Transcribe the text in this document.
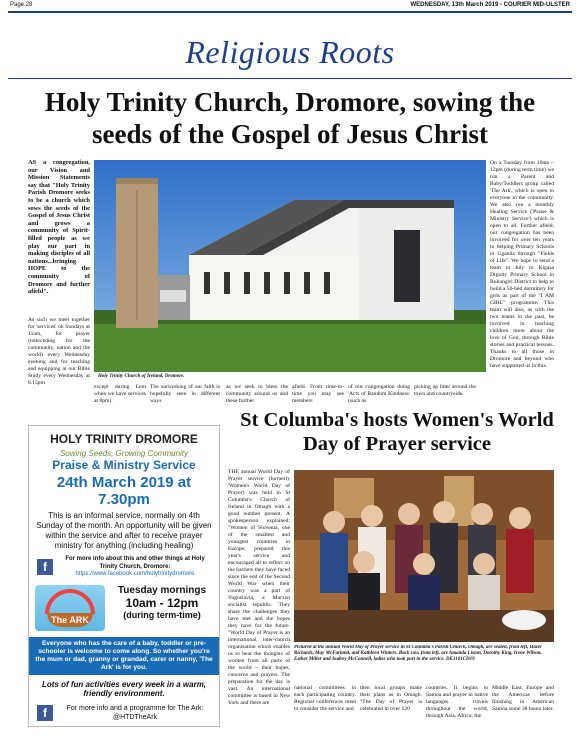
Page 28	WEDNESDAY, 13th March 2019 - COURIER MID-ULSTER
Religious Roots
Holy Trinity Church, Dromore, sowing the seeds of the Gospel of Jesus Christ
AS a congregation, our Vision and Mission Statements say that "Holy Trinity Parish Dromore seeks to be a church which sows the seeds of the Gospel of Jesus Christ and grows a community of Spirit-filled people as we play our part in making disciples of all nations...bringing HOPE to the community of Dromore and further afield".
As such we meet together for 'services' on Sundays at 11am, for prayer (interceding for the community, nation and the world) every Wednesday evening and for teaching and equipping at our Bible Study every Wednesday at 8.15pm
Holy Trinity Church of Ireland, Dromore.
except during Lent when we have services at 8pm).
The outworking of our faith is hopefully seen in different ways
as we seek to bless the community around us and these further
afield. From time-to-time you may see members
of our congregation doing 'Acts of Random Kindness' (such as
picking up litter around the town and countryside.
On a Tuesday from 10am – 12pm (during term time) we run a Parent and Baby/Toddlers group called 'The Ark', which is open to everyone in the community. We also run a monthly Healing Service ('Praise & Ministry Service') which is open to all. Further afield, our congregation has been involved for over ten years in helping Primary Schools in Uganda through "Fields of Life". We hope to send a team in July to Kigasa Dignity Primary School in Rukungiri District to help to build a 50-bed dormitory for girls as part of the "I AM GIRL" programme. This team will also, as with the two teams in the past, be involved in teaching children more about the love of God, through Bible stories and practical lessons. Thanks to all those in Dromore and beyond who have supported us in this.
HOLY TRINITY DROMORE
Sowing Seeds, Growing Community
Praise & Ministry Service
24th March 2019 at 7.30pm
This is an informal service, normally on 4th Sunday of the month. An opportunity will be given within the service and after to receive prayer ministry for anything (including healing)
f
For more info about this and other things at Holy Trinity Church, Dromore:
https://www.facebook.com/holytrinitydromore
The ARK
Tuesday mornings
10am - 12pm
(during term-time)
Everyone who has the care of a baby, toddler or pre-schooler is welcome to come along. So whether you're the mum or dad, granny or grandad, carer or nanny, 'The Ark' is for you.
Lots of fun activities every week in a warm, friendly environment.
f	For more info and a programme for The Ark: @HTDTheArk
St Columba's hosts Women's World Day of Prayer service
THE annual World Day of Prayer service (formerly 'Women's World Day of Prayer) was held in St Columba's Church of Ireland in Omagh with a good number present. A spokesperson explained: "Women of Slovenia, one of the smallest and youngest countries in Europe, prepared this year's service and encouraged all to reflect on the barriers they have faced since the end of the Second World War when their country was a part of Yugoslavia, a Marxist socialist republic. They share the challenges they have met and the hopes they have for the future. "World Day of Prayer is an international, inter-church organisation which enables us to hear the thoughts of women from all parts of the world – their hopes, concerns and prayers. The preparation for the day is vast. An international committee is based in New York and there are
Pictured at the annual World Day of Prayer service in St Columba's Parish Church, Omagh, are seated, from left, Hazel Richards, May McFarland, and Kathleen Winters. Back row, from left, are Amanda Liston, Dorothy King, Irene Wilson, Esther Miller and Audrey McConnell, ladies who took part in the service. DE1101CD19
national committees in each participating country. Regional conferences meet to consider the service and
then local groups make their plans as in Omagh. "The Day of Prayer is celebrated in over 120
countries. It begins in Samoa and prayer in native languages travels throughout the world, through Asia, Africa, the
Middle East, Europe and the Americas before finishing in American Samoa some 38 hours later.
